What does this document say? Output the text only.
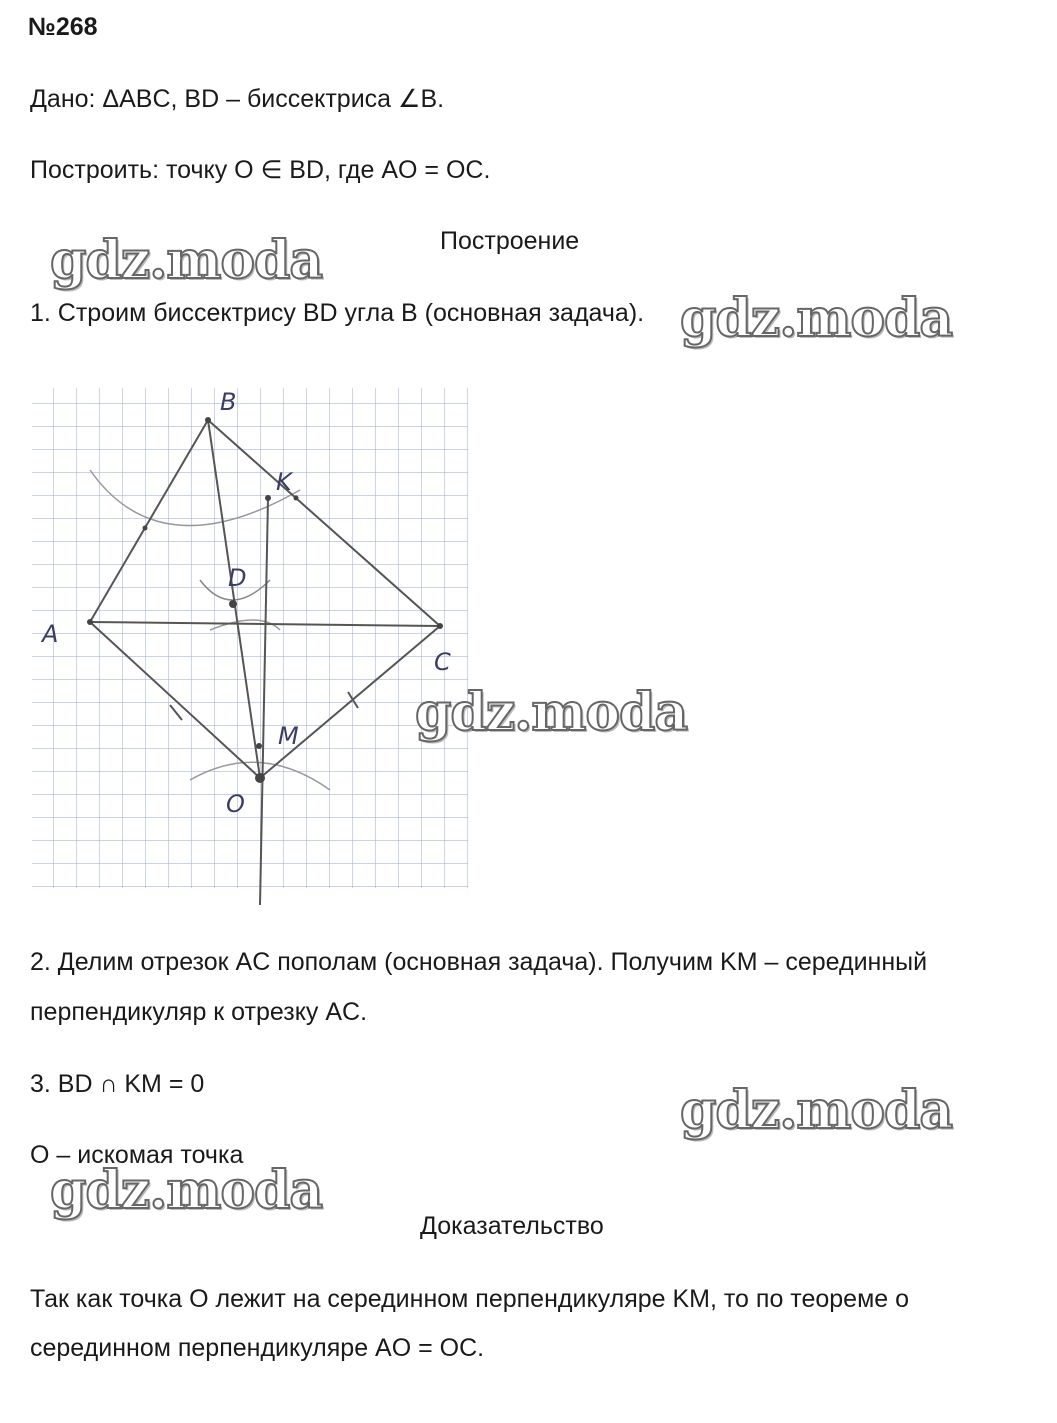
№268
Дано: ΔABC, BD – биссектриса ∠B.
Построить: точку O ∈ BD, где AO = OC.
Построение
1. Строим биссектрису BD угла B (основная задача).
gdz.moda
gdz.moda
B
K
D
A
C
M
O
gdz.moda
2. Делим отрезок AC пополам (основная задача). Получим KM – серединный
перпендикуляр к отрезку AC.
3. BD ∩ KM = 0	gdz.moda
O – искомая точка
gdz.moda
Доказательство
Так как точка O лежит на серединном перпендикуляре KM, то по теореме о
серединном перпендикуляре AO = OC.
